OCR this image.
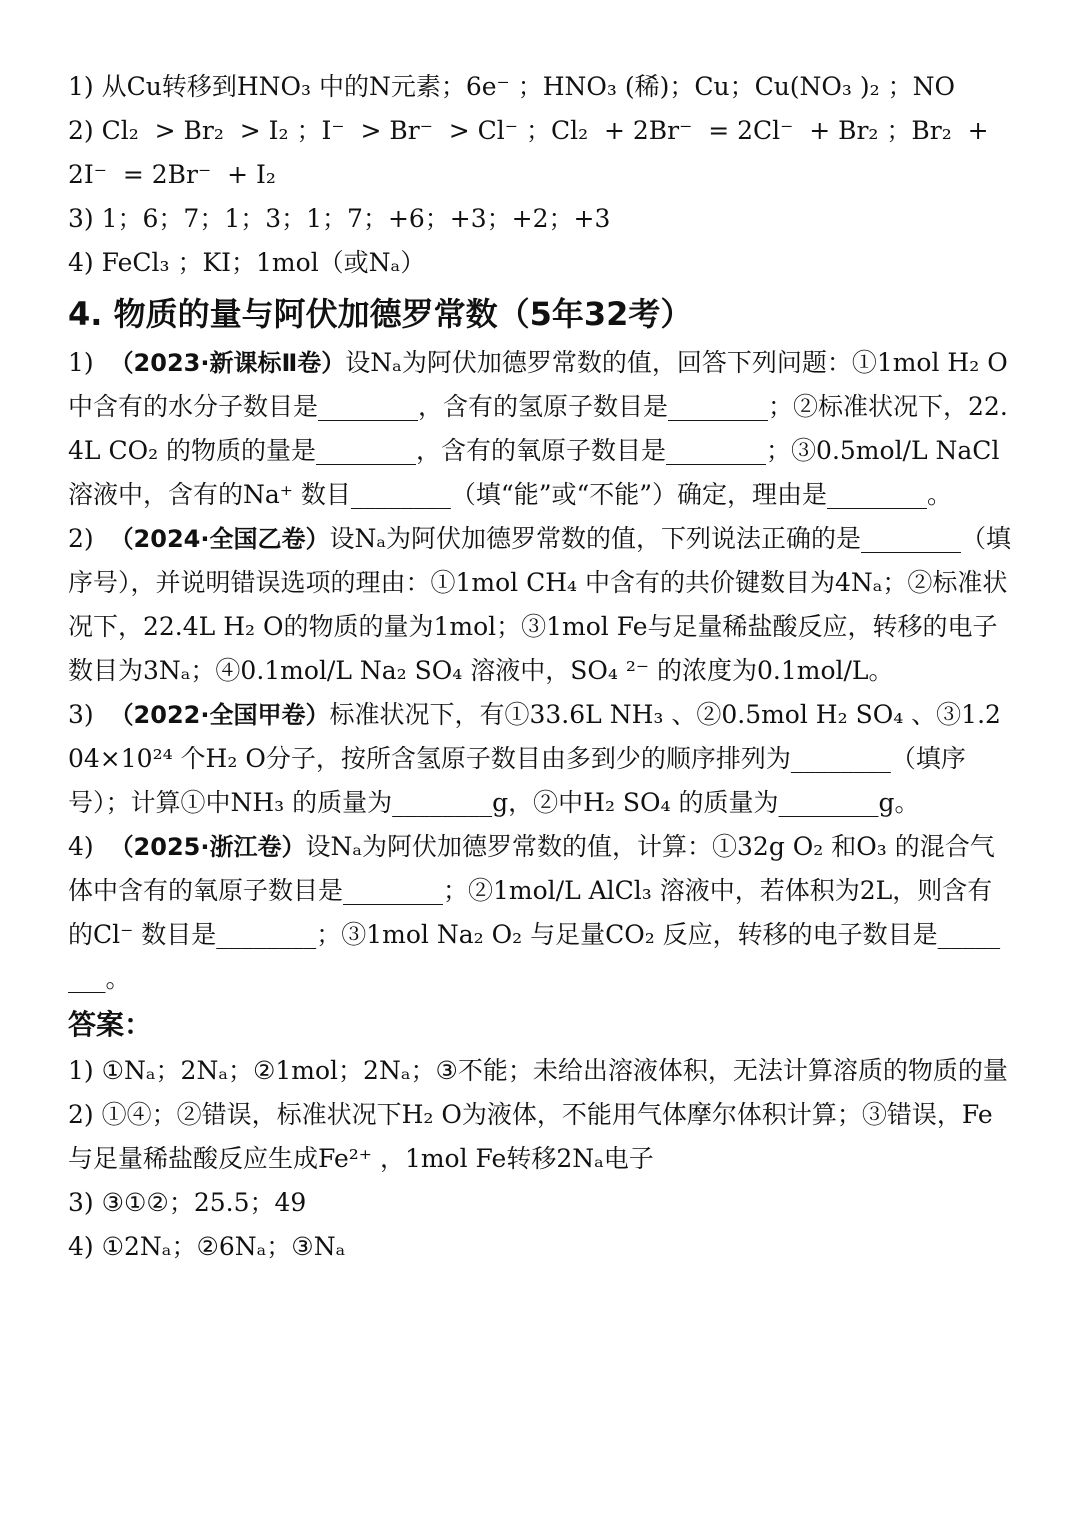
1) 从Cu转移到HNO₃ 中的N元素；6e⁻ ；HNO₃ (稀)；Cu；Cu(NO₃ )₂ ；NO

2) Cl₂  > Br₂  > I₂ ；I⁻  > Br⁻  > Cl⁻ ；Cl₂  + 2Br⁻  = 2Cl⁻  + Br₂ ；Br₂  + 2I⁻  = 2Br⁻  + I₂

3) 1；6；7；1；3；1；7；+6；+3；+2；+3

4) FeCl₃ ；KI；1mol（或Nₐ）

4. 物质的量与阿伏加德罗常数（5年32考）

1)  （2023·新课标Ⅱ卷）设Nₐ为阿伏加德罗常数的值，回答下列问题：①1mol H₂ O中含有的水分子数目是________，含有的氢原子数目是________；②标准状况下，22.4L CO₂ 的物质的量是________，含有的氧原子数目是________；③0.5mol/L NaCl溶液中，含有的Na⁺ 数目________（填“能”或“不能”）确定，理由是________。

2)  （2024·全国乙卷）设Nₐ为阿伏加德罗常数的值，下列说法正确的是________（填序号），并说明错误选项的理由：①1mol CH₄ 中含有的共价键数目为4Nₐ；②标准状况下，22.4L H₂ O的物质的量为1mol；③1mol Fe与足量稀盐酸反应，转移的电子数目为3Nₐ；④0.1mol/L Na₂ SO₄ 溶液中，SO₄ ²⁻ 的浓度为0.1mol/L。

3)  （2022·全国甲卷）标准状况下，有①33.6L NH₃ 、②0.5mol H₂ SO₄ 、③1.204×10²⁴ 个H₂ O分子，按所含氢原子数目由多到少的顺序排列为________（填序号）；计算①中NH₃ 的质量为________g，②中H₂ SO₄ 的质量为________g。

4)  （2025·浙江卷）设Nₐ为阿伏加德罗常数的值，计算：①32g O₂ 和O₃ 的混合气体中含有的氧原子数目是________；②1mol/L AlCl₃ 溶液中，若体积为2L，则含有的Cl⁻ 数目是________；③1mol Na₂ O₂ 与足量CO₂ 反应，转移的电子数目是________。

答案：

1) ①Nₐ；2Nₐ；②1mol；2Nₐ；③不能；未给出溶液体积，无法计算溶质的物质的量

2) ①④；②错误，标准状况下H₂ O为液体，不能用气体摩尔体积计算；③错误，Fe与足量稀盐酸反应生成Fe²⁺ ，1mol Fe转移2Nₐ电子

3) ③①②；25.5；49

4) ①2Nₐ；②6Nₐ；③Nₐ
